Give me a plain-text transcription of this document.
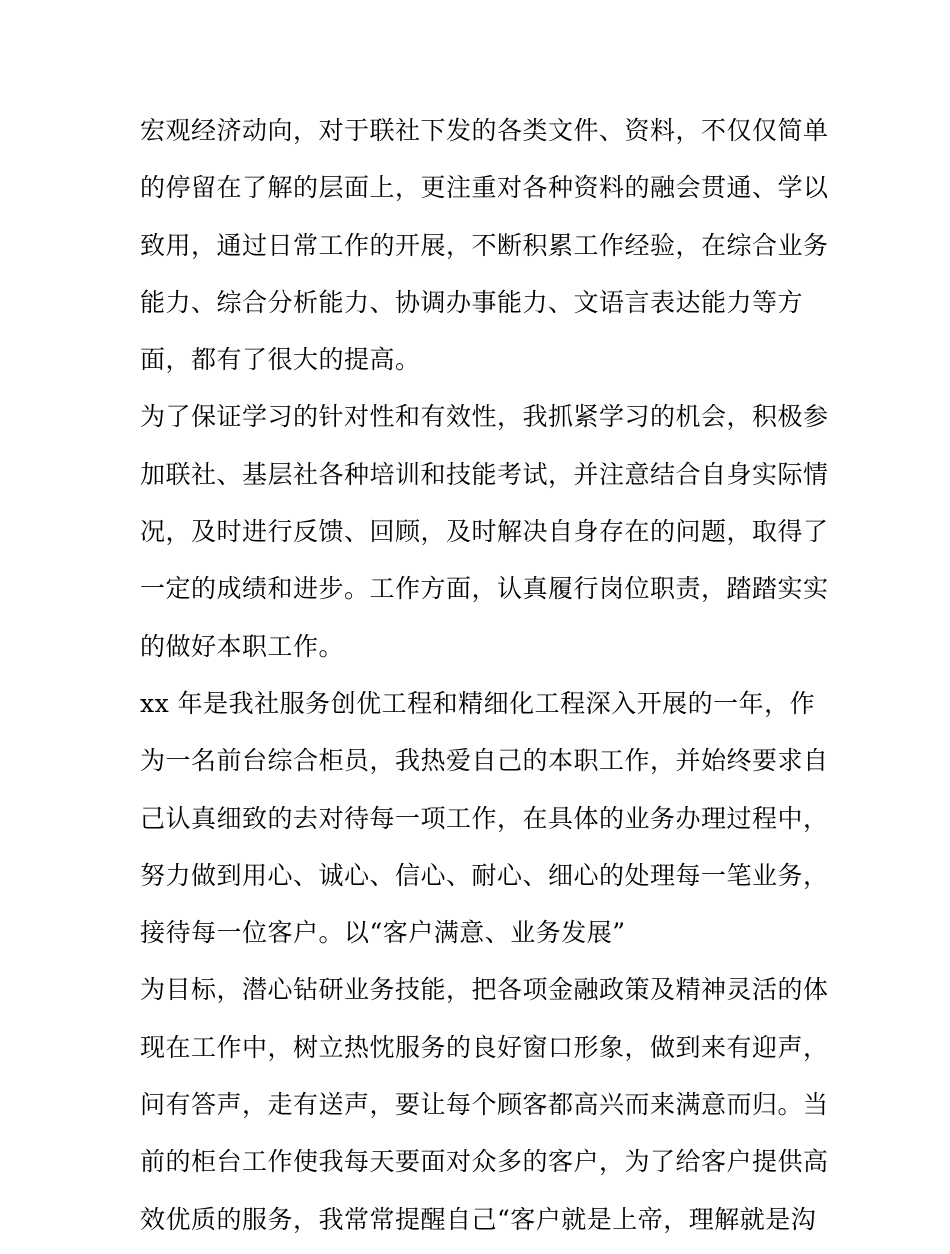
宏观经济动向，对于联社下发的各类文件、资料，不仅仅简单
的停留在了解的层面上，更注重对各种资料的融会贯通、学以
致用，通过日常工作的开展，不断积累工作经验，在综合业务
能力、综合分析能力、协调办事能力、文语言表达能力等方
面，都有了很大的提高。
为了保证学习的针对性和有效性，我抓紧学习的机会，积极参
加联社、基层社各种培训和技能考试，并注意结合自身实际情
况，及时进行反馈、回顾，及时解决自身存在的问题，取得了
一定的成绩和进步。工作方面，认真履行岗位职责，踏踏实实
的做好本职工作。
xx 年是我社服务创优工程和精细化工程深入开展的一年，作
为一名前台综合柜员，我热爱自己的本职工作，并始终要求自
己认真细致的去对待每一项工作，在具体的业务办理过程中，
努力做到用心、诚心、信心、耐心、细心的处理每一笔业务，
接待每一位客户。以“客户满意、业务发展”
为目标，潜心钻研业务技能，把各项金融政策及精神灵活的体
现在工作中，树立热忱服务的良好窗口形象，做到来有迎声，
问有答声，走有送声，要让每个顾客都高兴而来满意而归。当
前的柜台工作使我每天要面对众多的客户，为了给客户提供高
效优质的服务，我常常提醒自己“客户就是上帝，理解就是沟
